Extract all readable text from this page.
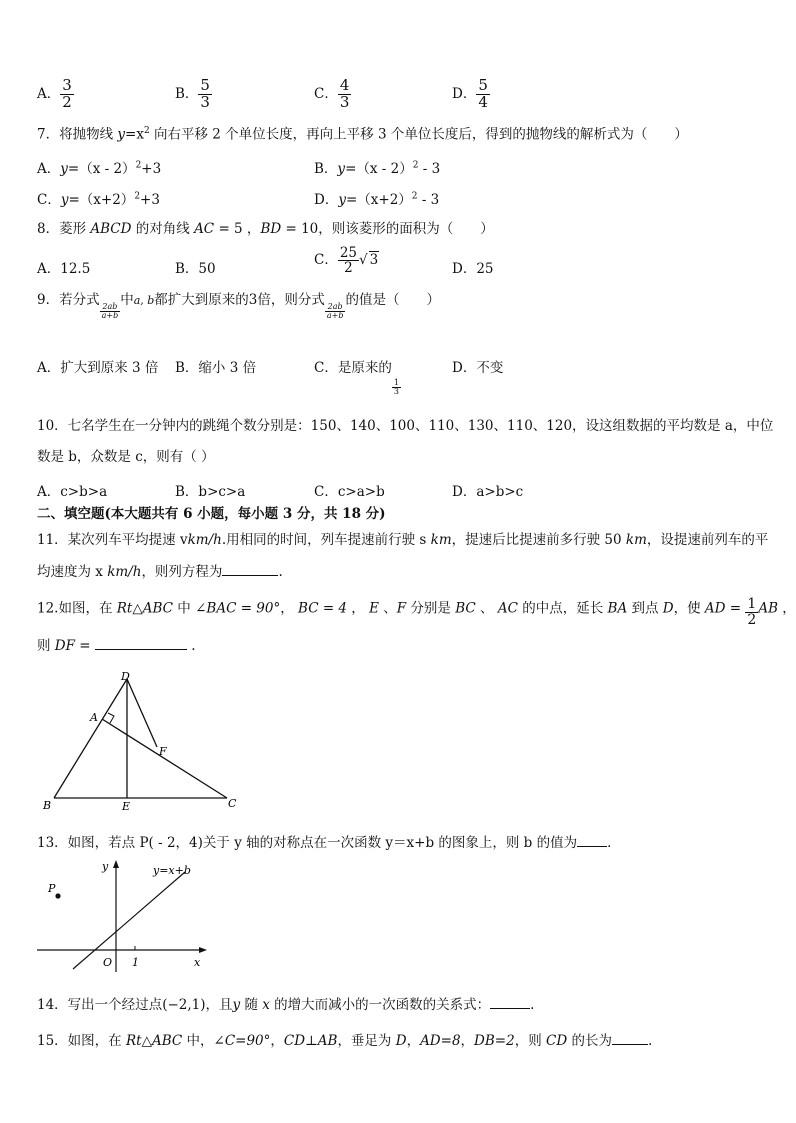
A． $\frac{3}{2}$	B． $\frac{5}{3}$	C． $\frac{4}{3}$	D． $\frac{5}{4}$
7．将抛物线 $y=x^2$ 向右平移 2 个单位长度，再向上平移 3 个单位长度后，得到的抛物线的解析式为（　　）
A．y=（x - 2）$^2$+3	B．y=（x - 2）$^2$ - 3
C．$y=(x+2)^2+3$	D．$y=(x+2)^2 - 3$
8．菱形 ABCD 的对角线 AC = 5 ，BD = 10，则该菱形的面积为（　　）
A．12.5	B．50
C． $\frac{25}{2}$ √ 3
D．25
9．若分式
$\frac{2ab}{a+b}$
中a, b都扩大到原来的3倍，则分式
$\frac{2ab}{a+b}$
的值是（　　）
A．扩大到原来 3 倍 B．缩小 3 倍	C．是原来的
$\frac{1}{3}$
D．不变
10．七名学生在一分钟内的跳绳个数分别是：150、140、100、110、130、110、120，设这组数据的平均数是 a，中位
数是 b，众数是 c，则有（ ）
A．c>b>a	B．b>c>a	C．c>a>b	D．a>b>c
二、填空题(本大题共有 6 小题，每小题 3 分，共 18 分)
11．某次列车平均提速 vkm/h.用相同的时间，列车提速前行驶 s km，提速后比提速前多行驶 50 km，设提速前列车的平
均速度为 x km/h，则列方程为	.
12.如图，在 Rt△ABC 中 ∠BAC = 90°， BC = 4 ， E 、F 分别是 BC 、 AC 的中点，延长 BA 到点 D，使 AD = $\frac{1}{2}$ AB ，
则 DF =	.
D
A
F
B	E	C
13．如图，若点 P( - 2，4)关于 y 轴的对称点在一次函数 y＝x+b 的图象上，则 b 的值为 ．
y	y=x+b
P
O 1	x
14．写出一个经过点(−2,1)，且y 随 x 的增大而减小的一次函数的关系式：	.
15．如图，在 Rt△ABC 中，∠C=90°，CD⊥AB，垂足为 D，AD=8，DB=2，则 CD 的长为	.
